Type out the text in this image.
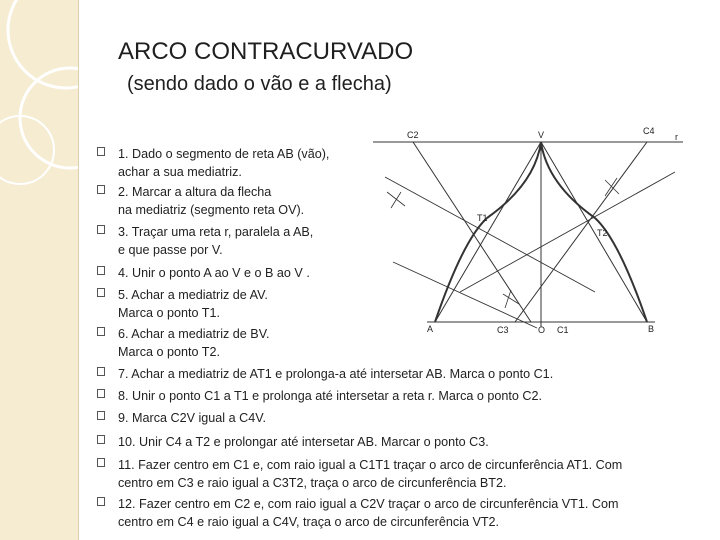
ARCO CONTRACURVADO
(sendo dado o vão e a flecha)
1. Dado o segmento de reta AB (vão),
achar a sua mediatriz.
2. Marcar a altura da flecha
na mediatriz (segmento reta OV).
3. Traçar uma reta r, paralela a AB,
e que passe por V.
4. Unir o ponto A ao V e o B ao V .
5. Achar a mediatriz de AV.
Marca o ponto T1.
6. Achar a mediatriz de BV.
Marca o ponto T2.
7. Achar a mediatriz de AT1 e prolonga-a até intersetar AB. Marca o ponto C1.
8. Unir o ponto C1 a T1 e prolonga até intersetar a reta r. Marca o ponto C2.
9. Marca C2V igual a C4V.
10. Unir C4 a T2 e prolongar até intersetar AB. Marcar o ponto C3.
11. Fazer centro em C1 e, com raio igual a C1T1 traçar o arco de circunferência AT1. Com
centro em C3 e raio igual a C3T2, traça o arco de circunferência BT2.
12. Fazer centro em C2 e, com raio igual a C2V traçar o arco de circunferência VT1. Com
centro em C4 e raio igual a C4V, traça o arco de circunferência VT2.
C2	V	C4
r
T1
T2
A	B
C3	O C1
